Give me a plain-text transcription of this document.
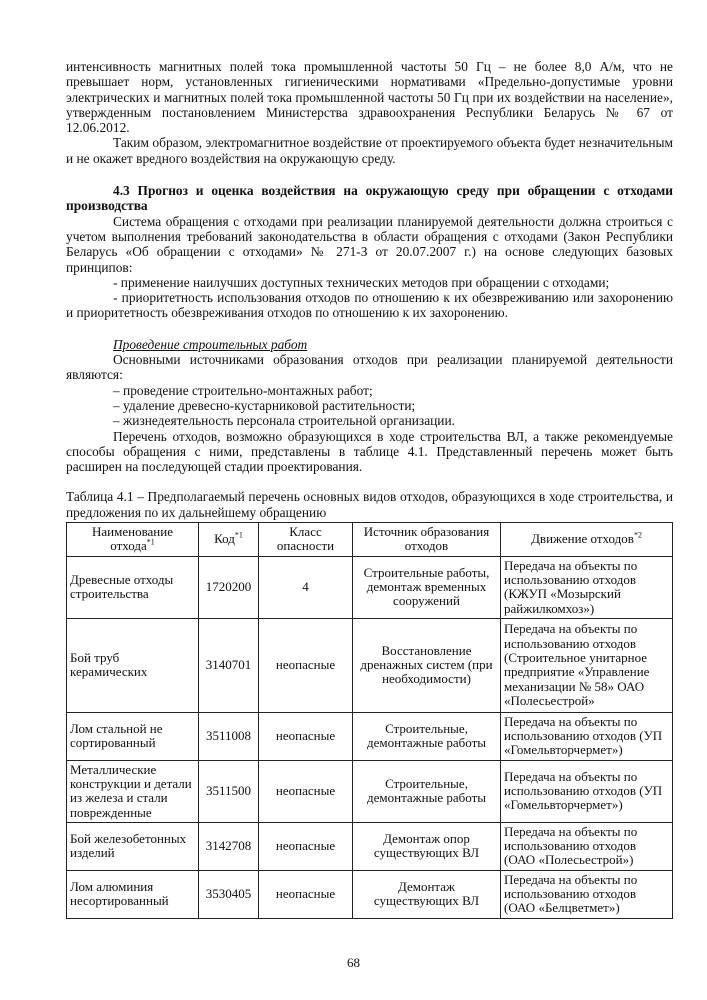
интенсивность магнитных полей тока промышленной частоты 50 Гц – не более 8,0 А/м, что не превышает норм, установленных гигиеническими нормативами «Предельно-допустимые уровни электрических и магнитных полей тока промышленной частоты 50 Гц при их воздействии на население», утвержденным постановлением Министерства здравоохранения Республики Беларусь № 67 от 12.06.2012.

Таким образом, электромагнитное воздействие от проектируемого объекта будет незначительным и не окажет вредного воздействия на окружающую среду.

4.3 Прогноз и оценка воздействия на окружающую среду при обращении с отходами производства

Система обращения с отходами при реализации планируемой деятельности должна строиться с учетом выполнения требований законодательства в области обращения с отходами (Закон Республики Беларусь «Об обращении с отходами» № 271-З от 20.07.2007 г.) на основе следующих базовых принципов:

- применение наилучших доступных технических методов при обращении с отходами;

- приоритетность использования отходов по отношению к их обезвреживанию или захоронению и приоритетность обезвреживания отходов по отношению к их захоронению.

Проведение строительных работ

Основными источниками образования отходов при реализации планируемой деятельности являются:

– проведение строительно-монтажных работ;

– удаление древесно-кустарниковой растительности;

– жизнедеятельность персонала строительной организации.

Перечень отходов, возможно образующихся в ходе строительства ВЛ, а также рекомендуемые способы обращения с ними, представлены в таблице 4.1. Представленный перечень может быть расширен на последующей стадии проектирования.

Таблица 4.1 – Предполагаемый перечень основных видов отходов, образующихся в ходе строительства, и предложения по их дальнейшему обращению

Наименование отхода$^{*1}$	Код$^{*1}$	Класс опасности	Источник образования отходов	Движение отходов$^{*2}$
Древесные отходы строительства	1720200	4	Строительные работы, демонтаж временных сооружений	Передача на объекты по использованию отходов (КЖУП «Мозырский райжилкомхоз»)
Бой труб керамических	3140701	неопасные	Восстановление дренажных систем (при необходимости)	Передача на объекты по использованию отходов (Строительное унитарное предприятие «Управление механизации № 58» ОАО «Полесьестрой»
Лом стальной не сортированный	3511008	неопасные	Строительные, демонтажные работы	Передача на объекты по использованию отходов (УП «Гомельвторчермет»)
Металлические конструкции и детали из железа и стали поврежденные	3511500	неопасные	Строительные, демонтажные работы	Передача на объекты по использованию отходов (УП «Гомельвторчермет»)
Бой железобетонных изделий	3142708	неопасные	Демонтаж опор существующих ВЛ	Передача на объекты по использованию отходов (ОАО «Полесьестрой»)
Лом алюминия несортированный	3530405	неопасные	Демонтаж существующих ВЛ	Передача на объекты по использованию отходов (ОАО «Белцветмет»)
68
